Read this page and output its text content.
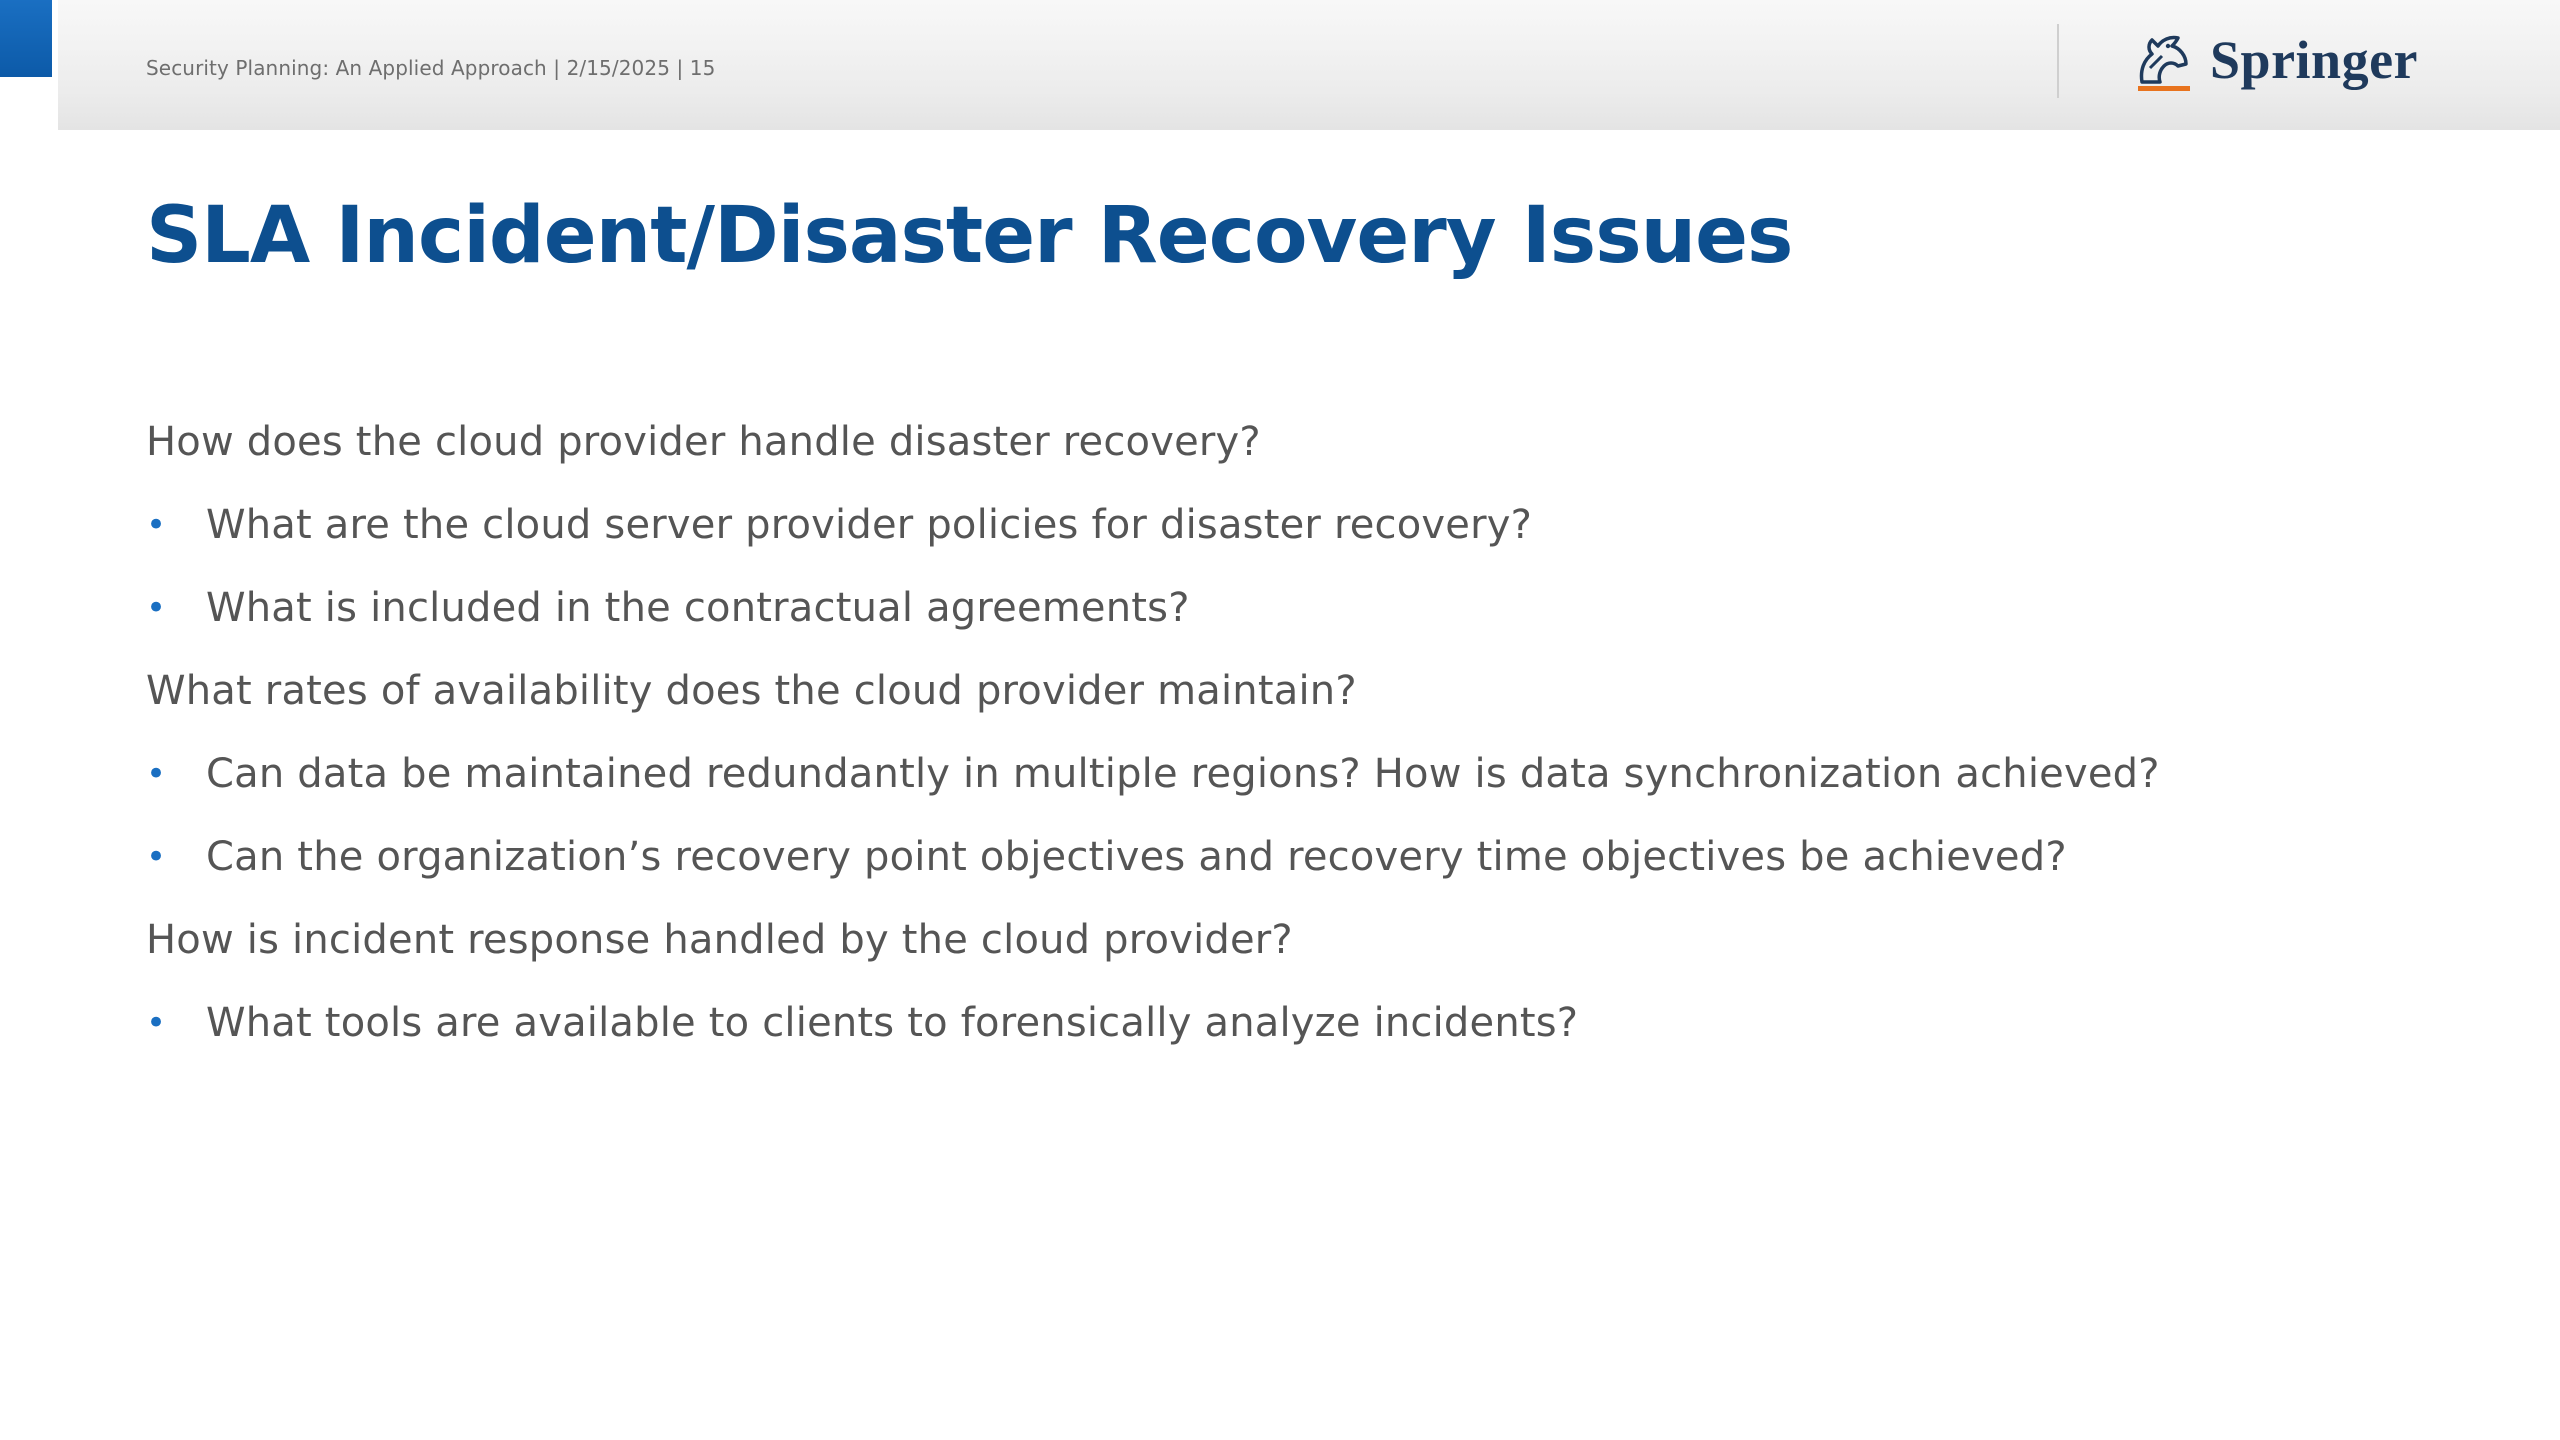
Security Planning: An Applied Approach | 2/15/2025 | 15	Springer
SLA Incident/Disaster Recovery Issues
How does the cloud provider handle disaster recovery?
• What are the cloud server provider policies for disaster recovery?
• What is included in the contractual agreements?
What rates of availability does the cloud provider maintain?
• Can data be maintained redundantly in multiple regions? How is data synchronization achieved?
• Can the organization’s recovery point objectives and recovery time objectives be achieved?
How is incident response handled by the cloud provider?
• What tools are available to clients to forensically analyze incidents?
